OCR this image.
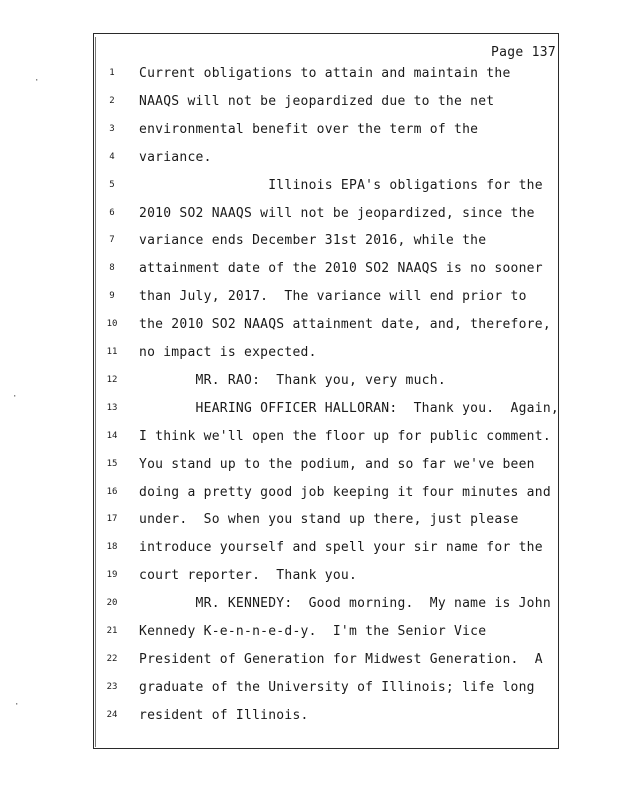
·
·
·
Page 137
1	Current obligations to attain and maintain the
2	NAAQS will not be jeopardized due to the net
3	environmental benefit over the term of the
4	variance.
5	Illinois EPA's obligations for the
6	2010 SO2 NAAQS will not be jeopardized, since the
7	variance ends December 31st 2016, while the
8	attainment date of the 2010 SO2 NAAQS is no sooner
9	than July, 2017.  The variance will end prior to
10 the 2010 SO2 NAAQS attainment date, and, therefore,
11 no impact is expected.
12 MR. RAO:  Thank you, very much.
13 HEARING OFFICER HALLORAN:  Thank you.  Again,
14 I think we'll open the floor up for public comment.
15 You stand up to the podium, and so far we've been
16 doing a pretty good job keeping it four minutes and
17 under.  So when you stand up there, just please
18 introduce yourself and spell your sir name for the
19 court reporter.  Thank you.
20 MR. KENNEDY:  Good morning.  My name is John
21 Kennedy K-e-n-n-e-d-y.  I'm the Senior Vice
22 President of Generation for Midwest Generation.  A
23 graduate of the University of Illinois; life long
24 resident of Illinois.
